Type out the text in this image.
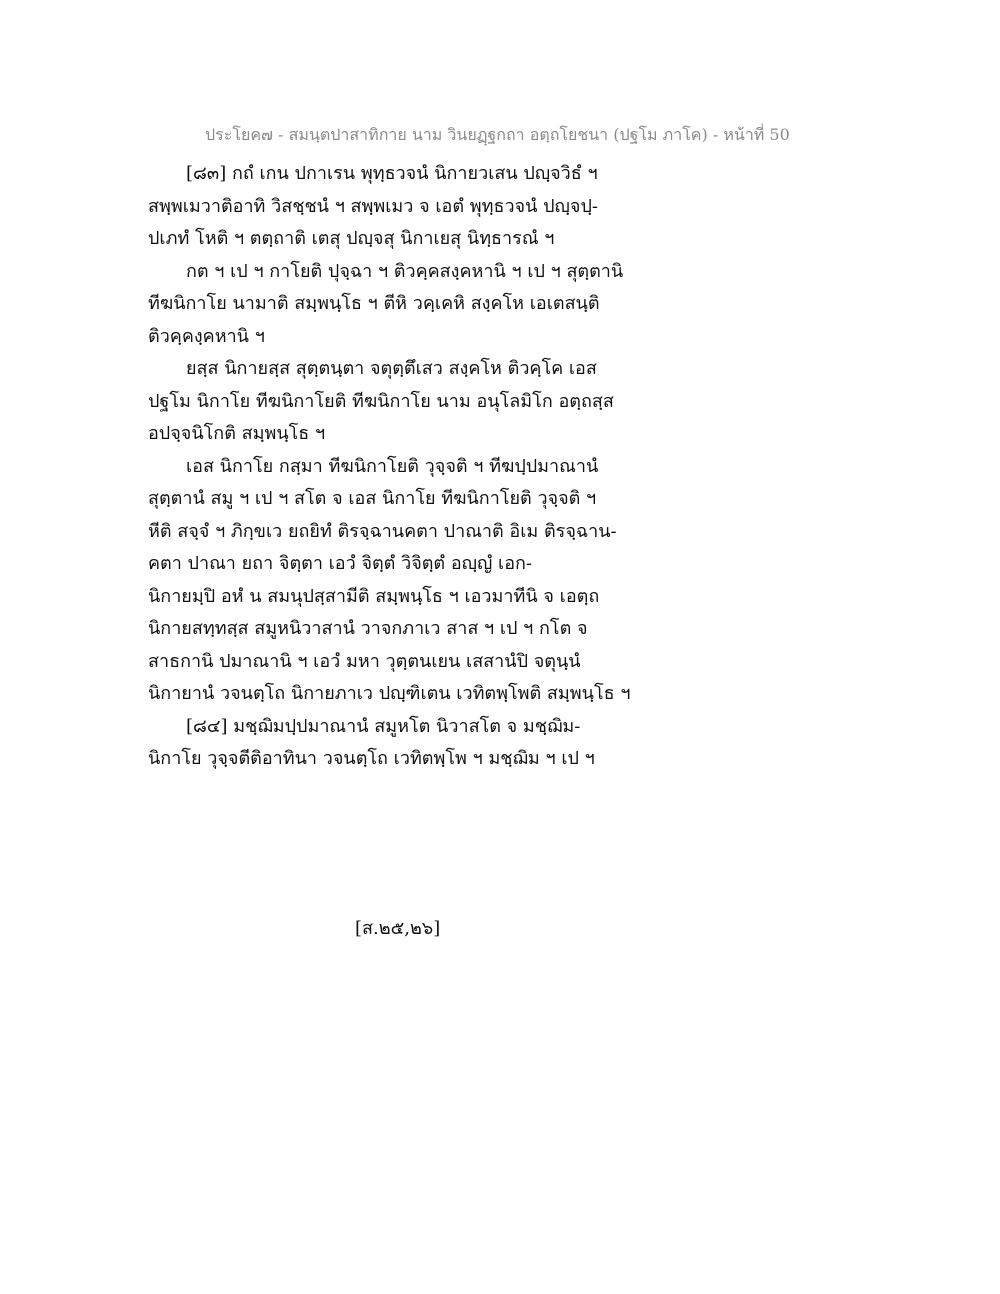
ประโยค๗ - สมนฺตปาสาทิกาย นาม วินยฏฺฐกถา อตฺถโยชนา (ปฐโม ภาโค) - หน้าที่ 50
[๘๓] กถํ เกน ปกาเรน พุทฺธวจนํ นิกายวเสน ปญฺจวิธํ ฯ
สพฺพเมวาติอาทิ วิสชฺชนํ ฯ สพฺพเมว จ เอตํ พุทฺธวจนํ ปญฺจปฺ-
ปเภทํ โหติ ฯ ตตฺถาติ เตสุ ปญฺจสุ นิกาเยสุ นิทฺธารณํ ฯ
กต ฯ เป ฯ กาโยติ ปุจฺฉา ฯ ติวคฺคสงฺคหานิ ฯ เป ฯ สุตฺตานิ
ทีฆนิกาโย นามาติ สมฺพนฺโธ ฯ ตีหิ วคฺเคหิ สงฺคโห เอเตสนฺติ
ติวคฺคงฺคหานิ ฯ
ยสฺส นิกายสฺส สุตฺตนฺตา จตุตฺตึเสว สงฺคโห ติวคฺโค เอส
ปฐโม นิกาโย ทีฆนิกาโยติ ทีฆนิกาโย นาม อนุโลมิโก อตฺถสฺส
อปจฺจนิโกติ สมฺพนฺโธ ฯ
เอส นิกาโย กสฺมา ทีฆนิกาโยติ วุจฺจติ ฯ ทีฆปฺปมาณานํ
สุตฺตานํ สมู ฯ เป ฯ สโต จ เอส นิกาโย ทีฆนิกาโยติ วุจฺจติ ฯ
หีติ สจฺจํ ฯ ภิกฺขเว ยถยิทํ ติรจฺฉานคตา ปาณาติ อิเม ติรจฺฉาน-
คตา ปาณา ยถา จิตฺตา เอวํ จิตฺตํ วิจิตฺตํ อญฺญํ เอก-
นิกายมฺปิ อหํ น สมนุปสฺสามีติ สมฺพนฺโธ ฯ เอวมาทีนิ จ เอตฺถ
นิกายสทฺทสฺส สมูหนิวาสานํ วาจกภาเว สาส ฯ เป ฯ กโต จ
สาธกานิ ปมาณานิ ฯ เอวํ มหา วุตฺตนเยน เสสานํปิ จตุนฺนํ
นิกายานํ วจนตฺโถ นิกายภาเว ปญฺฑิเตน เวทิตพฺโพติ สมฺพนฺโธ ฯ
[๘๔] มชฺฌิมปฺปมาณานํ สมูหโต นิวาสโต จ มชฺฌิม-
นิกาโย วุจฺจตีติอาทินา วจนตฺโถ เวทิตพฺโพ ฯ มชฺฌิม ฯ เป ฯ
[ส.๒๕,๒๖]
